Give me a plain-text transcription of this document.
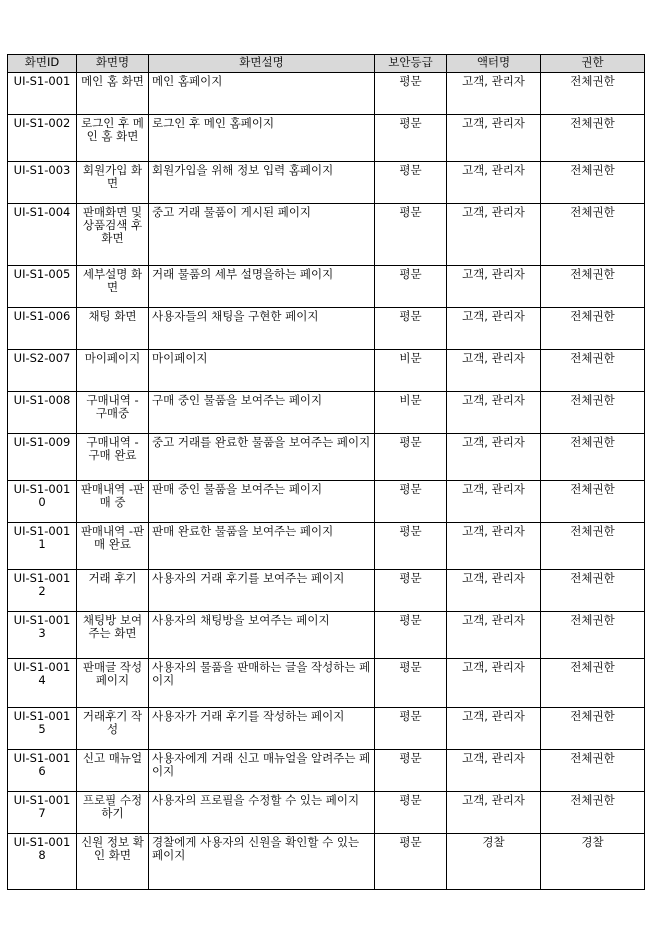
화면ID	화면명	화면설명	보안등급	액터명	권한
UI-S1-001	메인 홈 화면	메인 홈페이지	평문	고객, 관리자	전체권한
UI-S1-002	로그인 후 메인 홈 화면	로그인 후 메인 홈페이지	평문	고객, 관리자	전체권한
UI-S1-003	회원가입 화면	회원가입을 위해 정보 입력 홈페이지	평문	고객, 관리자	전체권한
UI-S1-004	판매화면 및 상품검색 후 화면	중고 거래 물품이 게시된 페이지	평문	고객, 관리자	전체권한
UI-S1-005	세부설명 화면	거래 물품의 세부 설명을하는 페이지	평문	고객, 관리자	전체권한
UI-S1-006	채팅 화면	사용자들의 채팅을 구현한 페이지	평문	고객, 관리자	전체권한
UI-S2-007	마이페이지	마이페이지	비문	고객, 관리자	전체권한
UI-S1-008	구매내역 - 구매중	구매 중인 물품을 보여주는 페이지	비문	고객, 관리자	전체권한
UI-S1-009	구매내역 - 구매 완료	중고 거래를 완료한 물품을 보여주는 페이지	평문	고객, 관리자	전체권한
UI-S1-0010	판매내역 -판매 중	판매 중인 물품을 보여주는 페이지	평문	고객, 관리자	전체권한
UI-S1-0011	판매내역 -판매 완료	판매 완료한 물품을 보여주는 페이지	평문	고객, 관리자	전체권한
UI-S1-0012	거래 후기	사용자의 거래 후기를 보여주는 페이지	평문	고객, 관리자	전체권한
UI-S1-0013	채팅방 보여주는 화면	사용자의 채팅방을 보여주는 페이지	평문	고객, 관리자	전체권한
UI-S1-0014	판매글 작성 페이지	사용자의 물품을 판매하는 글을 작성하는 페이지	평문	고객, 관리자	전체권한
UI-S1-0015	거래후기 작성	사용자가 거래 후기를 작성하는 페이지	평문	고객, 관리자	전체권한
UI-S1-0016	신고 매뉴얼	사용자에게 거래 신고 매뉴얼을 알려주는 페이지	평문	고객, 관리자	전체권한
UI-S1-0017	프로필 수정하기	사용자의 프로필을 수정할 수 있는 페이지	평문	고객, 관리자	전체권한
UI-S1-0018	신원 정보 확인 화면	경찰에게 사용자의 신원을 확인할 수 있는 페이지	평문	경찰	경찰
